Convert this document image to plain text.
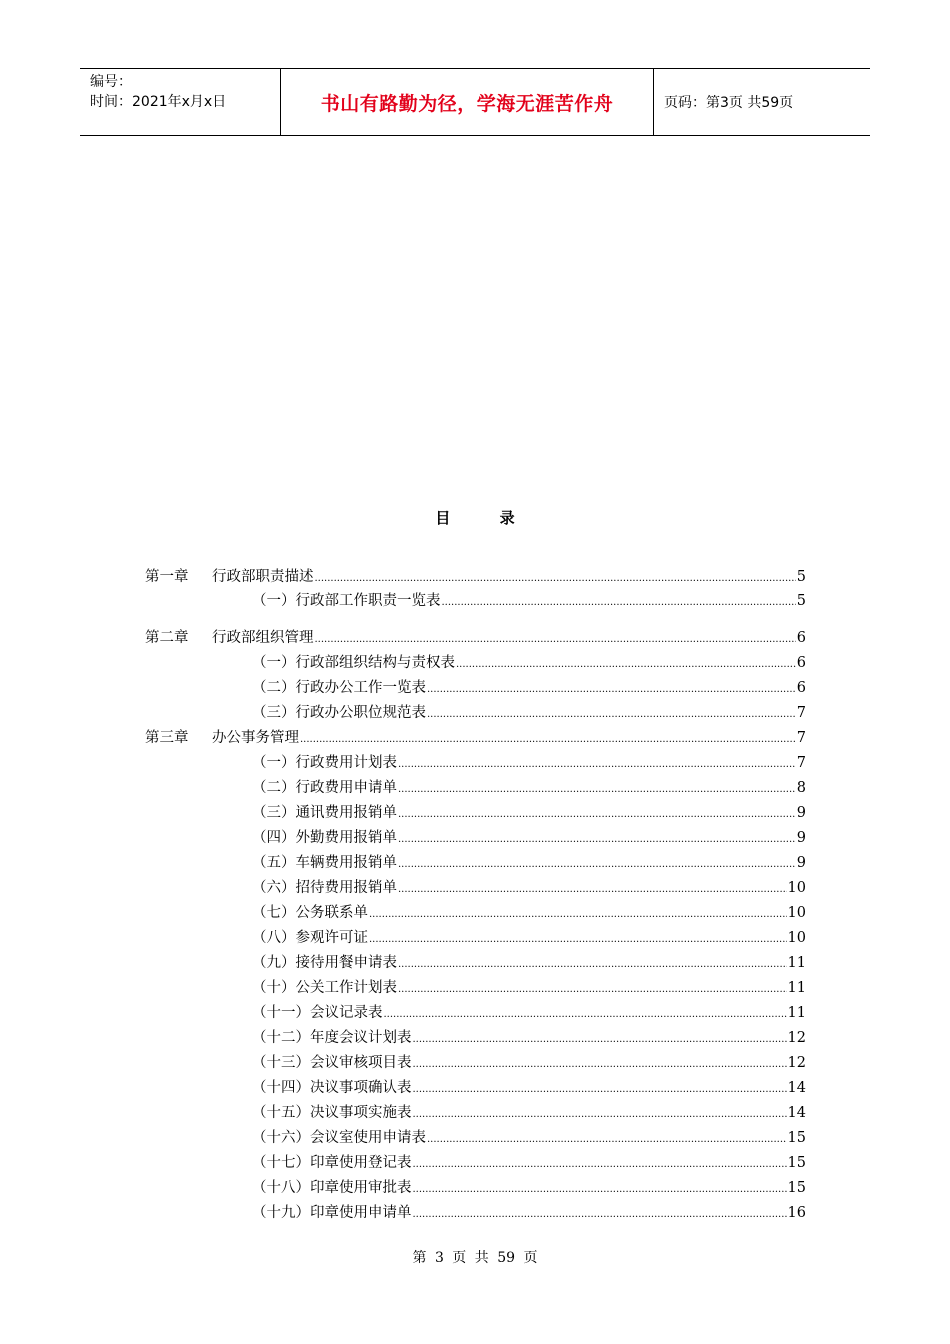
编号：
时间：2021年x月x日	书山有路勤为径，学海无涯苦作舟	页码：第3页 共59页
目 录
第一章	行政部职责描述 .....	5
（一）行政部工作职责一览表 .....	5
第二章	行政部组织管理 .....	6
（一）行政部组织结构与责权表 .....	6
（二）行政办公工作一览表 .....	6
（三）行政办公职位规范表 .....	7
第三章	办公事务管理 .....	7
（一）行政费用计划表 .....	7
（二）行政费用申请单 .....	8
（三）通讯费用报销单 .....	9
（四）外勤费用报销单 .....	9
（五）车辆费用报销单 .....	9
（六）招待费用报销单 .....	10
（七）公务联系单 .....	10
（八）参观许可证 .....	10
（九）接待用餐申请表 .....	11
（十）公关工作计划表 .....	11
（十一）会议记录表 .....	11
（十二）年度会议计划表 .....	12
（十三）会议审核项目表 .....	12
（十四）决议事项确认表 .....	14
（十五）决议事项实施表 .....	14
（十六）会议室使用申请表 .....	15
（十七）印章使用登记表 .....	15
（十八）印章使用审批表 .....	15
（十九）印章使用申请单 .....	16
第 3 页 共 59 页
